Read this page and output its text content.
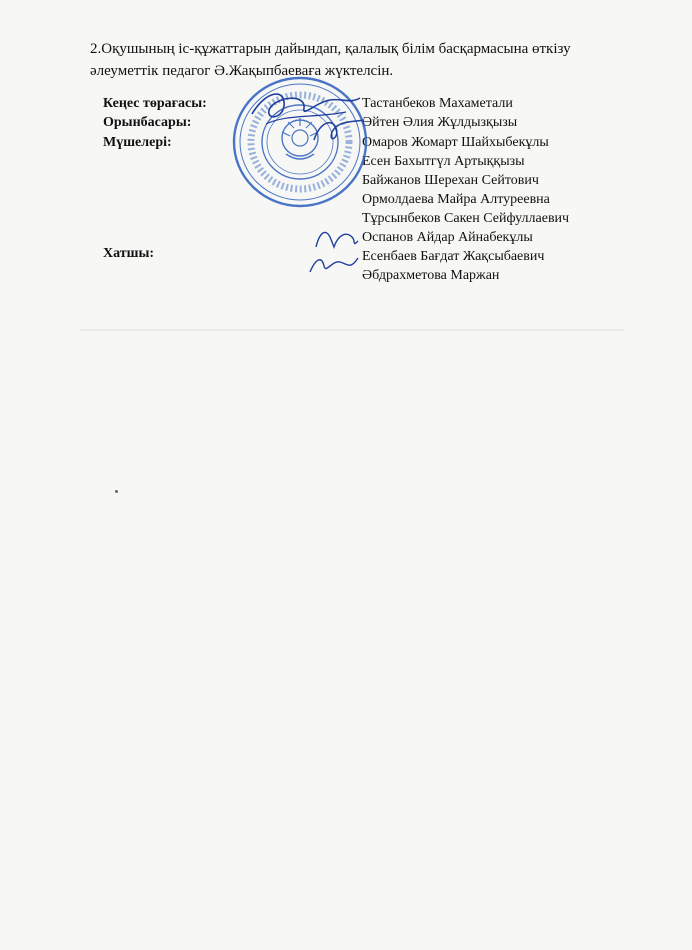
───────────────────────────────────────────────────────────
2.Оқушының іс-құжаттарын дайындап, қалалық білім басқармасына өткізу әлеуметтік педагог Ә.Жақыпбаеваға жүктелсін.
Кеңес төрағасы:
Орынбасары:
Мүшелері:
Хатшы:
Тастанбеков Махаметали
Әйтен Әлия Жұлдызқызы
Омаров Жомарт Шайхыбекұлы
Есен Бахытгүл Артыққызы
Байжанов Шерехан Сейтович
Ормолдаева Майра Алтуреевна
Тұрсынбеков Сакен Сейфуллаевич
Оспанов Айдар Айнабекұлы
Есенбаев Бағдат Жақсыбаевич
Әбдрахметова Маржан
